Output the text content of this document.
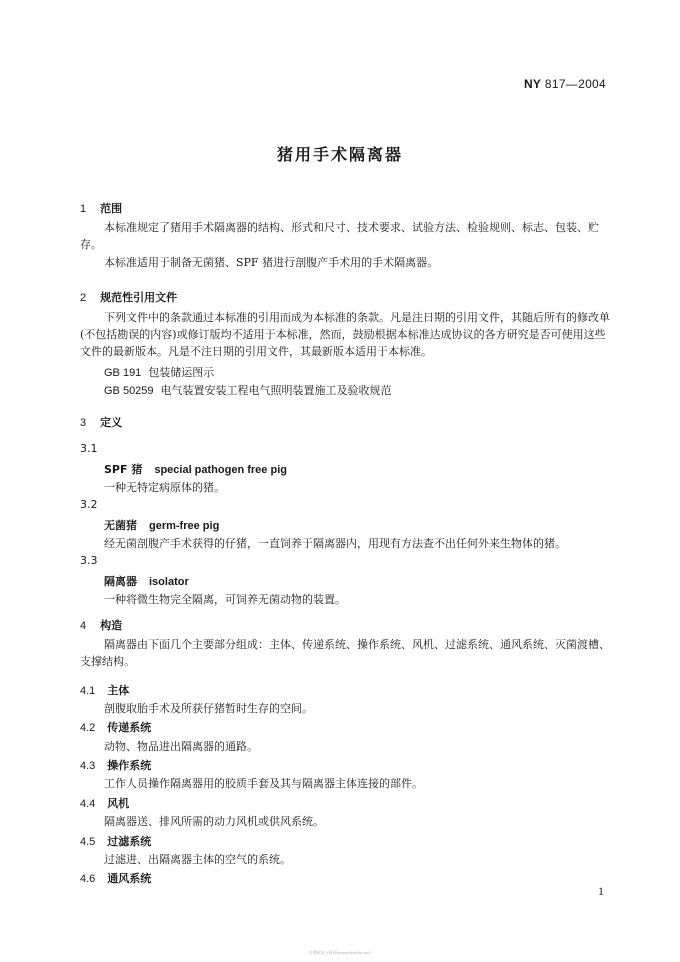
NY 817—2004
猪用手术隔离器
1 范围
本标准规定了猪用手术隔离器的结构、形式和尺寸、技术要求、试验方法、检验规则、标志、包装、贮存。
本标准适用于制备无菌猪、SPF 猪进行剖腹产手术用的手术隔离器。
2 规范性引用文件
下列文件中的条款通过本标准的引用而成为本标准的条款。凡是注日期的引用文件，其随后所有的修改单(不包括勘误的内容)或修订版均不适用于本标准，然而，鼓励根据本标准达成协议的各方研究是否可使用这些文件的最新版本。凡是不注日期的引用文件，其最新版本适用于本标准。
GB 191 包装储运图示
GB 50259 电气装置安装工程电气照明装置施工及验收规范
3 定义
3.1
SPF 猪 special pathogen free pig
一种无特定病原体的猪。
3.2
无菌猪 germ-free pig
经无菌剖腹产手术获得的仔猪，一直饲养于隔离器内，用现有方法查不出任何外来生物体的猪。
3.3
隔离器 isolator
一种将微生物完全隔离，可饲养无菌动物的装置。
4 构造
隔离器由下面几个主要部分组成：主体、传递系统、操作系统、风机、过滤系统、通风系统、灭菌渡槽、支撑结构。
4.1 主体
剖腹取胎手术及所获仔猪暂时生存的空间。
4.2 传递系统
动物、物品进出隔离器的通路。
4.3 操作系统
工作人员操作隔离器用的胶质手套及其与隔离器主体连接的部件。
4.4 风机
隔离器送、排风所需的动力风机或供风系统。
4.5 过滤系统
过滤进、出隔离器主体的空气的系统。
4.6 通风系统
1
免费标准下载网(www.freebz.net)
